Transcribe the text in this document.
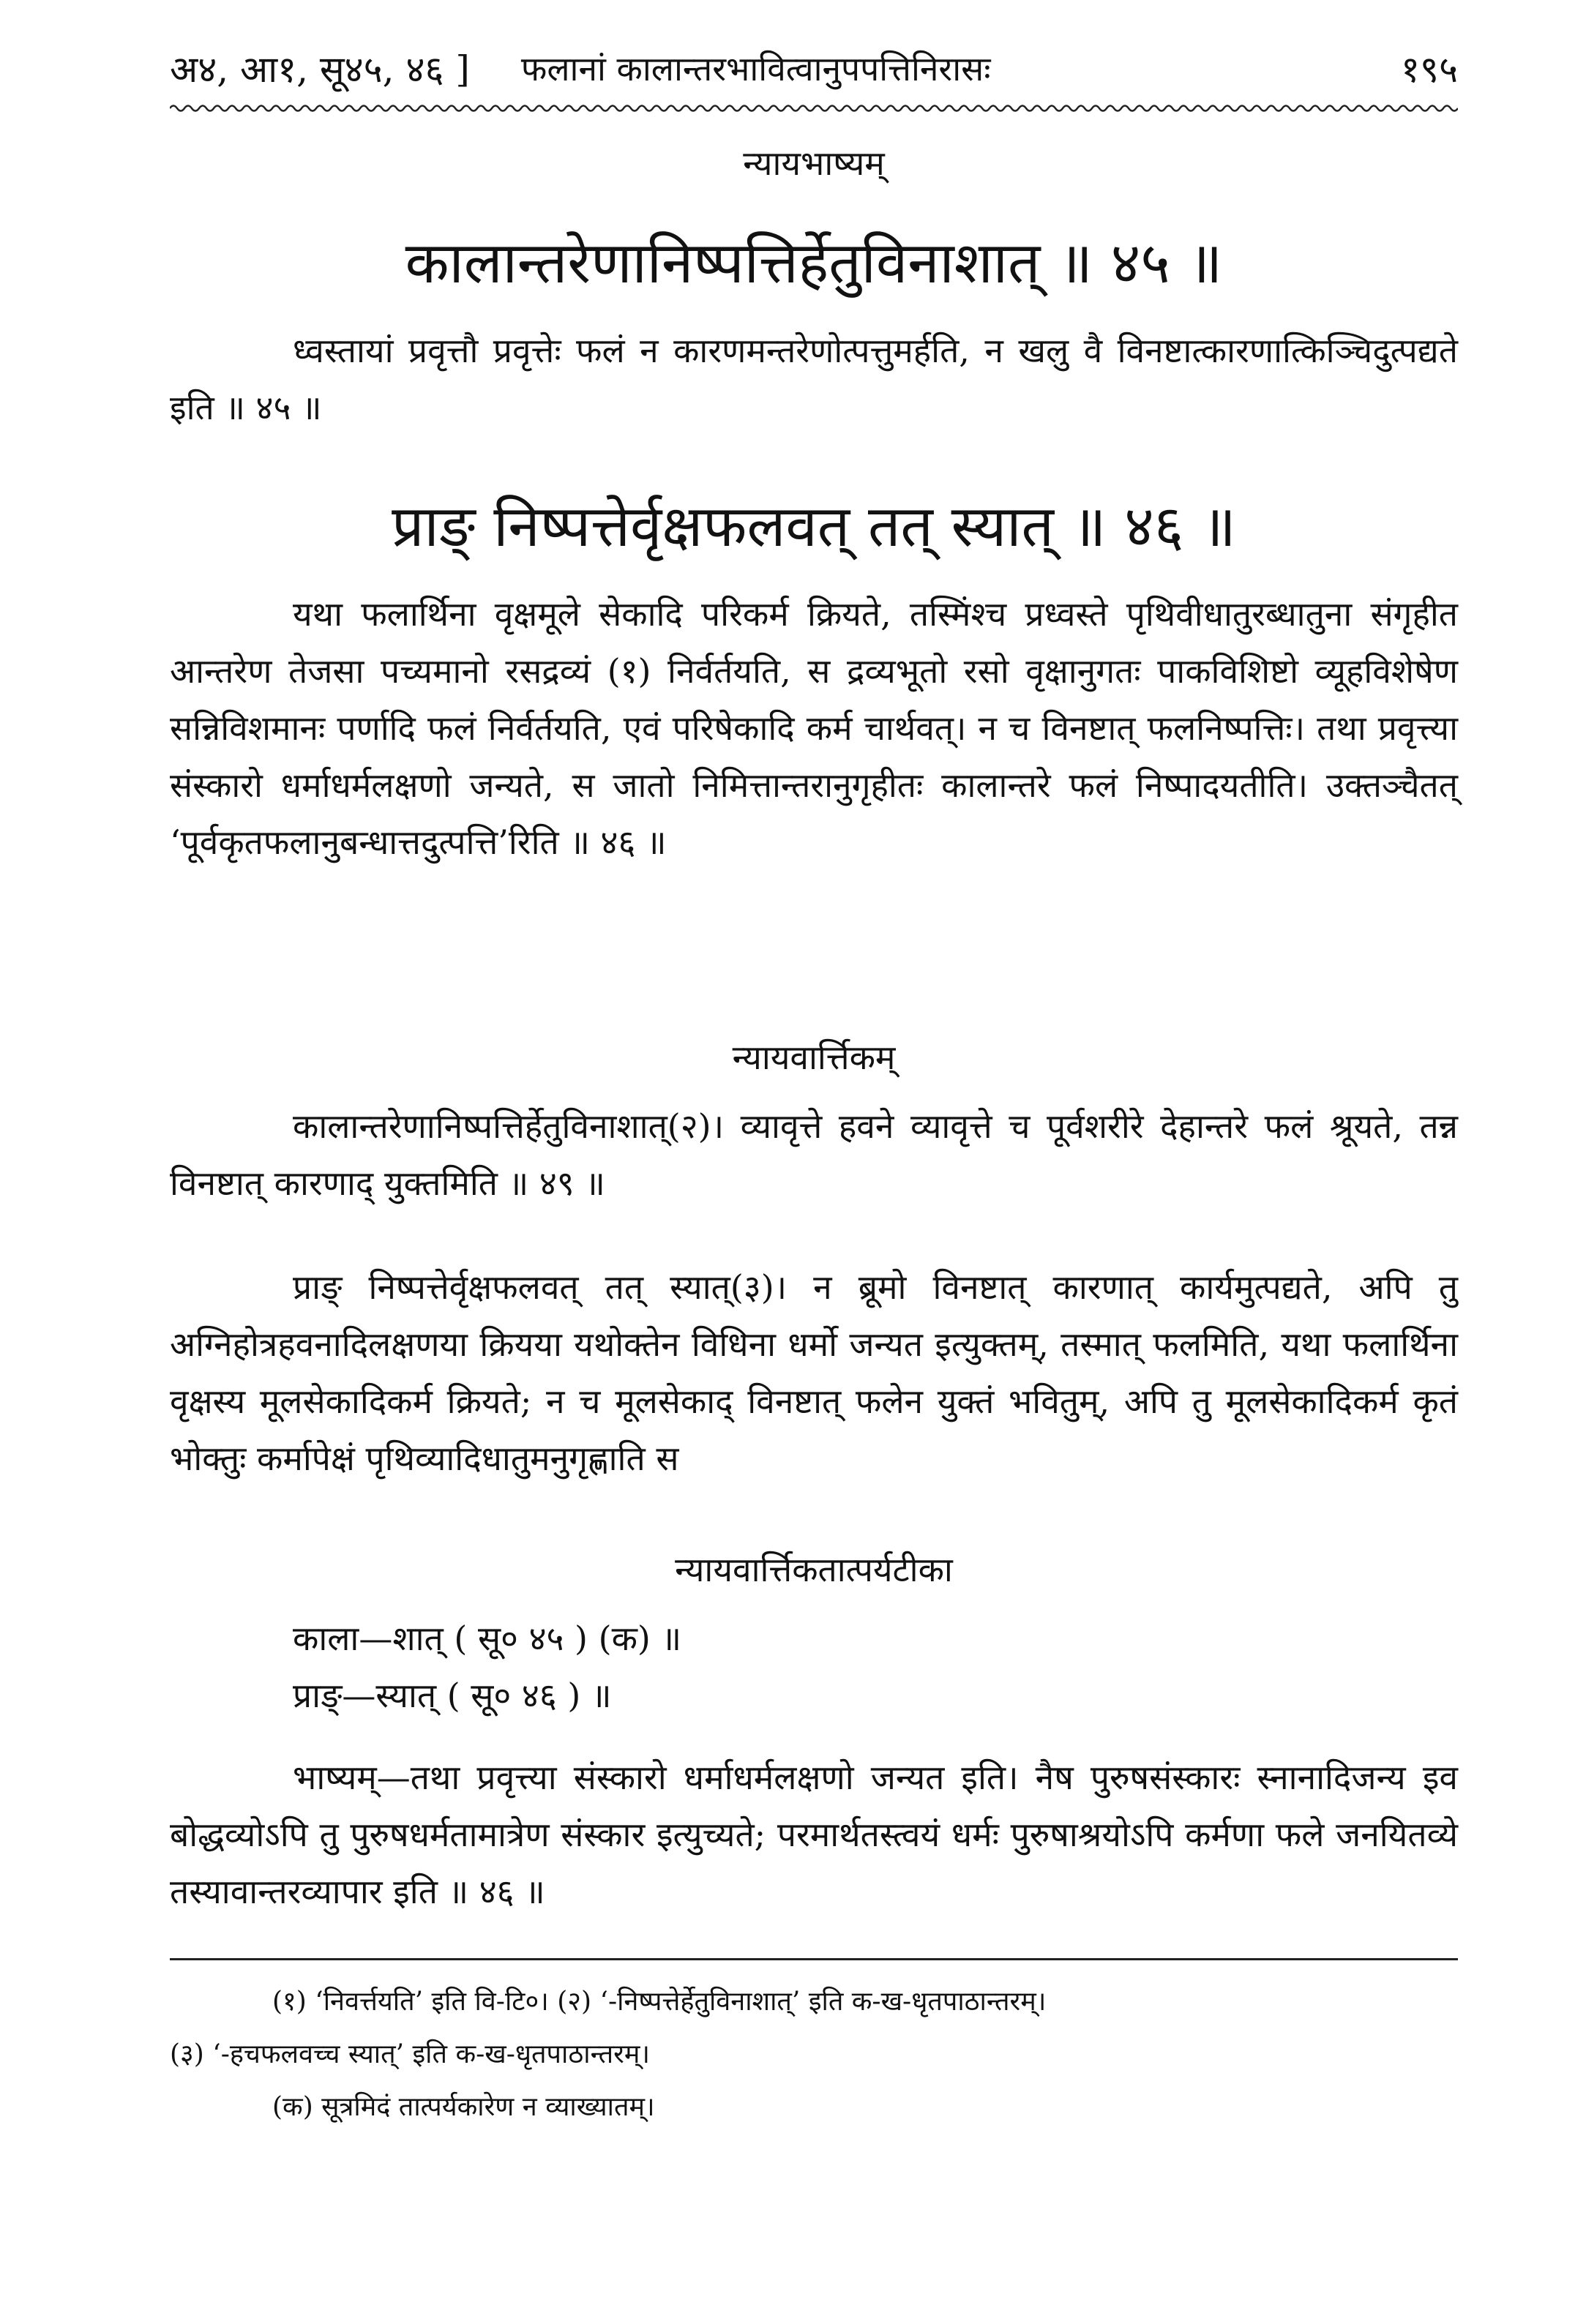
अ४, आ१, सू४५, ४६ ] फलानां कालान्तरभावित्वानुपपत्तिनिरासः	१९५
न्यायभाष्यम्
कालान्तरेणानिष्पत्तिर्हेतुविनाशात् ॥ ४५ ॥

ध्वस्तायां प्रवृत्तौ प्रवृत्तेः फलं न कारणमन्तरेणोत्पत्तुमर्हति, न खलु वै विनष्टात्कारणात्किञ्चिदुत्पद्यते इति ॥ ४५ ॥

प्राङ् निष्पत्तेर्वृक्षफलवत् तत् स्यात् ॥ ४६ ॥

यथा फलार्थिना वृक्षमूले सेकादि परिकर्म क्रियते, तस्मिंश्च प्रध्वस्ते पृथिवीधातुरब्धातुना संगृहीत आन्तरेण तेजसा पच्यमानो रसद्रव्यं (१) निर्वर्तयति, स द्रव्यभूतो रसो वृक्षानुगतः पाकविशिष्टो व्यूहविशेषेण सन्निविशमानः पर्णादि फलं निर्वर्तयति, एवं परिषेकादि कर्म चार्थवत्। न च विनष्टात् फलनिष्पत्तिः। तथा प्रवृत्त्या संस्कारो धर्माधर्मलक्षणो जन्यते, स जातो निमित्तान्तरानुगृहीतः कालान्तरे फलं निष्पादयतीति। उक्तञ्चैतत् ‘पूर्वकृतफलानुबन्धात्तदुत्पत्ति’रिति ॥ ४६ ॥

न्यायवार्त्तिकम्

कालान्तरेणानिष्पत्तिर्हेतुविनाशात्(२)। व्यावृत्ते हवने व्यावृत्ते च पूर्वशरीरे देहान्तरे फलं श्रूयते, तन्न विनष्टात् कारणाद् युक्तमिति ॥ ४९ ॥

प्राङ् निष्पत्तेर्वृक्षफलवत् तत् स्यात्(३)। न ब्रूमो विनष्टात् कारणात् कार्यमुत्पद्यते, अपि तु अग्निहोत्रहवनादिलक्षणया क्रियया यथोक्तेन विधिना धर्मो जन्यत इत्युक्तम्, तस्मात् फलमिति, यथा फलार्थिना वृक्षस्य मूलसेकादिकर्म क्रियते; न च मूलसेकाद् विनष्टात् फलेन युक्तं भवितुम्, अपि तु मूलसेकादिकर्म कृतं भोक्तुः कर्मापेक्षं पृथिव्यादिधातुमनुगृह्णाति स

न्यायवार्त्तिकतात्पर्यटीका
काला—शात् ( सू० ४५ ) (क) ॥
प्राङ्—स्यात् ( सू० ४६ ) ॥

भाष्यम्—तथा प्रवृत्त्या संस्कारो धर्माधर्मलक्षणो जन्यत इति। नैष पुरुषसंस्कारः स्नानादिजन्य इव बोद्धव्योऽपि तु पुरुषधर्मतामात्रेण संस्कार इत्युच्यते; परमार्थतस्त्वयं धर्मः पुरुषाश्रयोऽपि कर्मणा फले जनयितव्ये तस्यावान्तरव्यापार इति ॥ ४६ ॥

(१) ‘निवर्त्तयति’ इति वि-टि०। (२) ‘-निष्पत्तेर्हेतुविनाशात्’ इति क-ख-धृतपाठान्तरम्।
(३) ‘-हचफलवच्च स्यात्’ इति क-ख-धृतपाठान्तरम्।
(क) सूत्रमिदं तात्पर्यकारेण न व्याख्यातम्।
